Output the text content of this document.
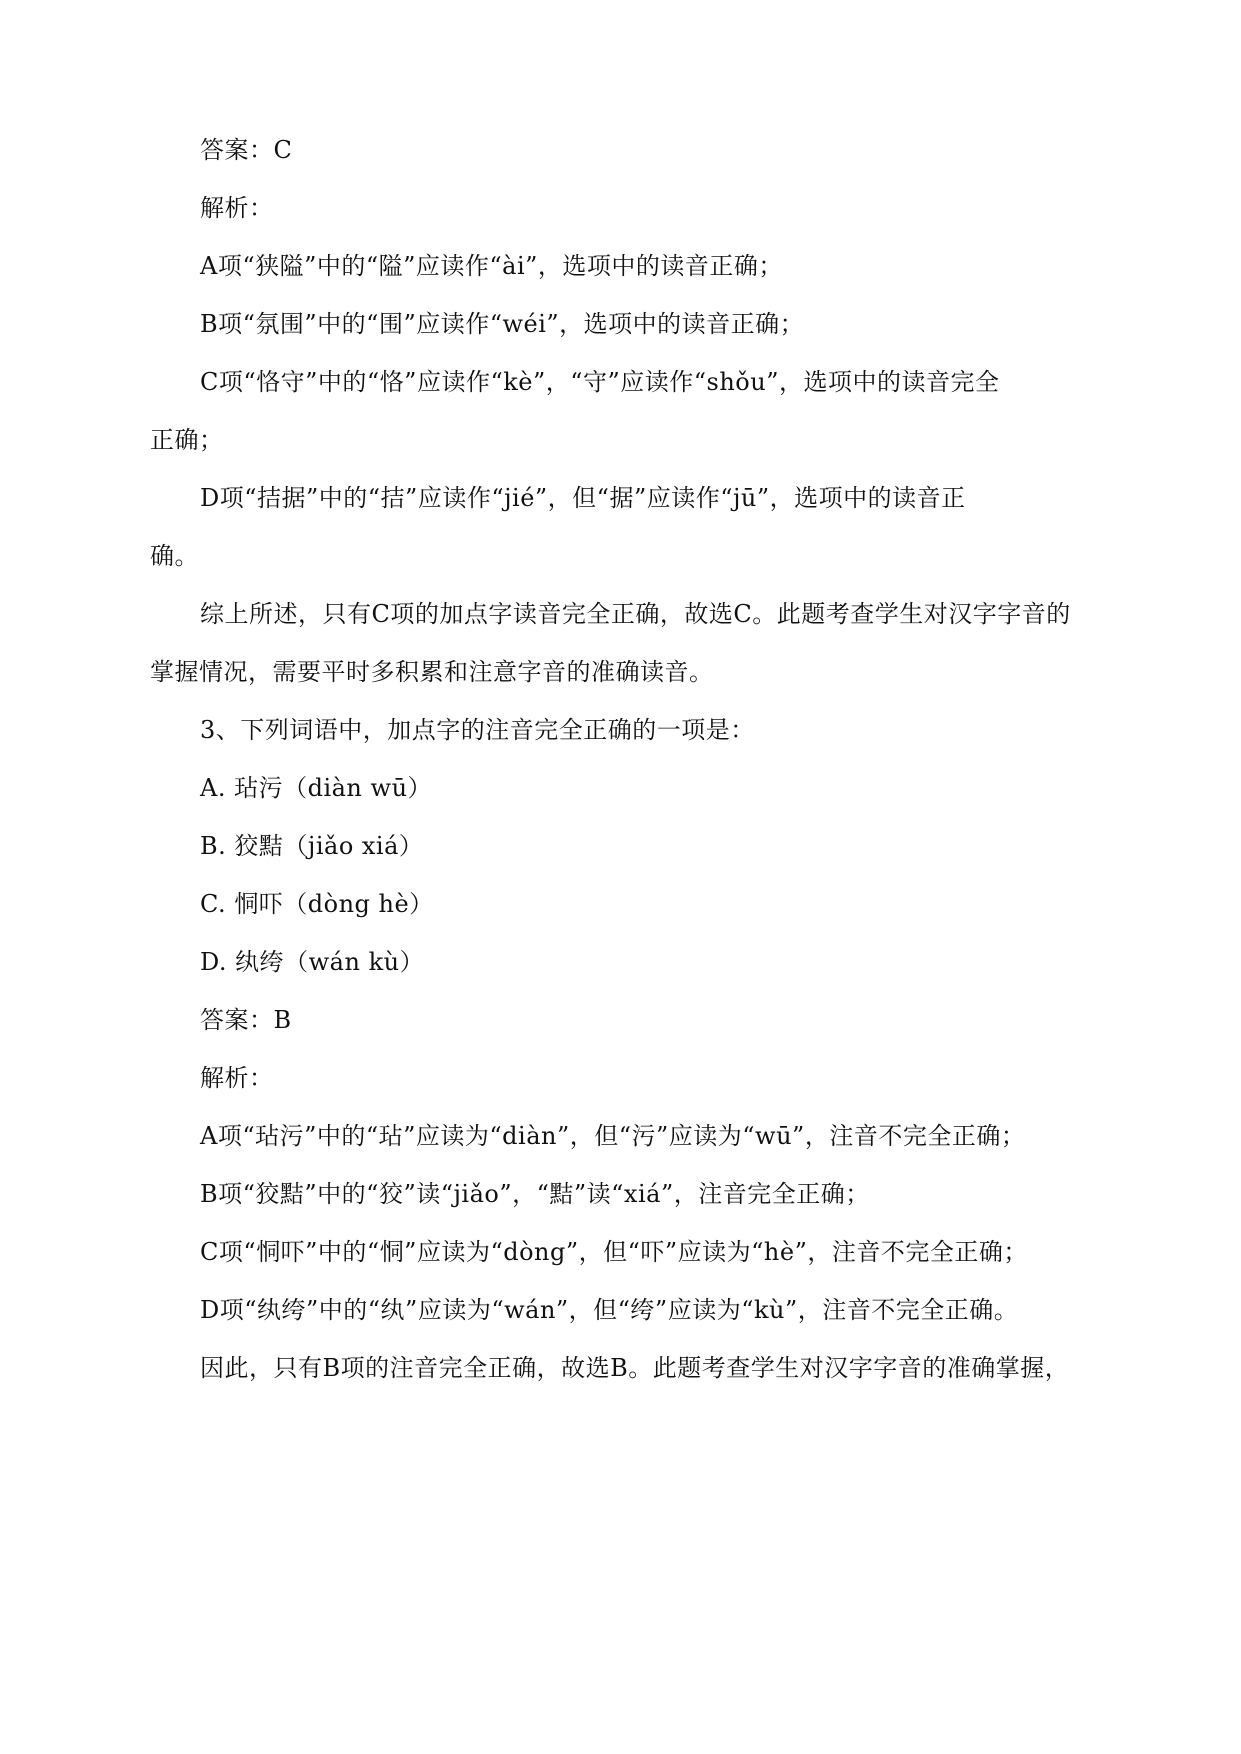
答案：C
解析：
A项“狭隘”中的“隘”应读作“ài”，选项中的读音正确；
B项“氛围”中的“围”应读作“wéi”，选项中的读音正确；
C项“恪守”中的“恪”应读作“kè”，“守”应读作“shǒu”，选项中的读音完全
正确；
D项“拮据”中的“拮”应读作“jié”，但“据”应读作“jū”，选项中的读音正
确。
综上所述，只有C项的加点字读音完全正确，故选C。此题考查学生对汉字字音的
掌握情况，需要平时多积累和注意字音的准确读音。
3、下列词语中，加点字的注音完全正确的一项是：
A. 玷污（diàn wū）
B. 狡黠（jiǎo xiá）
C. 恫吓（dòng hè）
D. 纨绔（wán kù）
答案：B
解析：
A项“玷污”中的“玷”应读为“diàn”，但“污”应读为“wū”，注音不完全正确；
B项“狡黠”中的“狡”读“jiǎo”，“黠”读“xiá”，注音完全正确；
C项“恫吓”中的“恫”应读为“dòng”，但“吓”应读为“hè”，注音不完全正确；
D项“纨绔”中的“纨”应读为“wán”，但“绔”应读为“kù”，注音不完全正确。
因此，只有B项的注音完全正确，故选B。此题考查学生对汉字字音的准确掌握，
